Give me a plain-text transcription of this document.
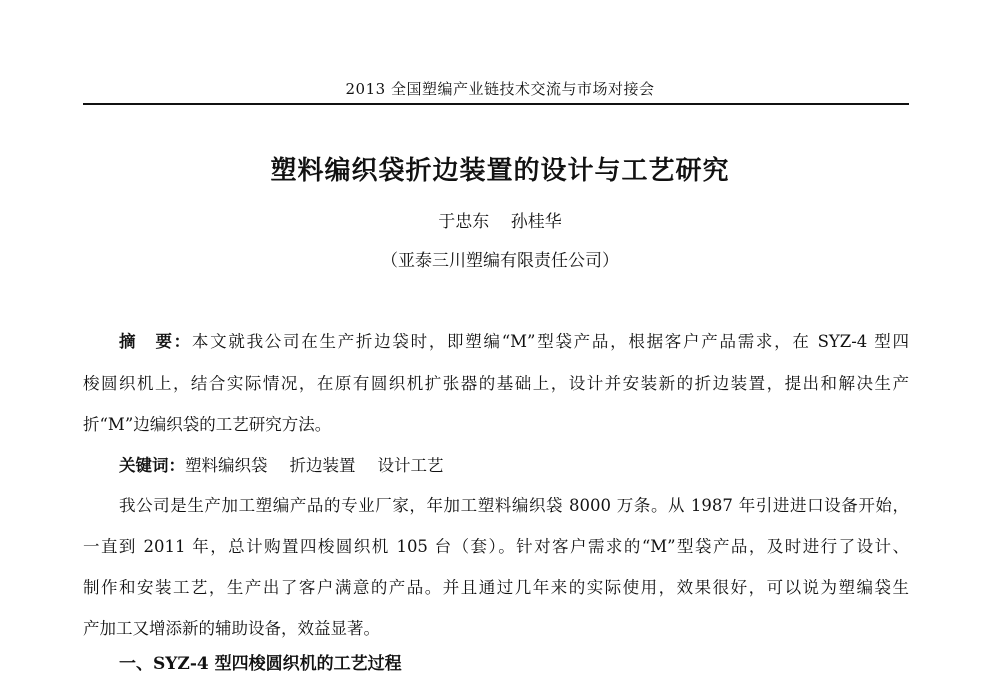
2013 全国塑编产业链技术交流与市场对接会
塑料编织袋折边装置的设计与工艺研究
于忠东 孙桂华
（亚泰三川塑编有限责任公司）
摘　要：本文就我公司在生产折边袋时，即塑编“M”型袋产品，根据客户产品需求，在 SYZ-4 型四
梭圆织机上，结合实际情况，在原有圆织机扩张器的基础上，设计并安装新的折边装置，提出和解决生产
折“M”边编织袋的工艺研究方法。
关键词：塑料编织袋 折边装置 设计工艺
我公司是生产加工塑编产品的专业厂家，年加工塑料编织袋 8000 万条。从 1987 年引进进口设备开始，
一直到 2011 年，总计购置四梭圆织机 105 台（套）。针对客户需求的“M”型袋产品，及时进行了设计、
制作和安装工艺，生产出了客户满意的产品。并且通过几年来的实际使用，效果很好，可以说为塑编袋生
产加工又增添新的辅助设备，效益显著。
一、SYZ-4 型四梭圆织机的工艺过程
